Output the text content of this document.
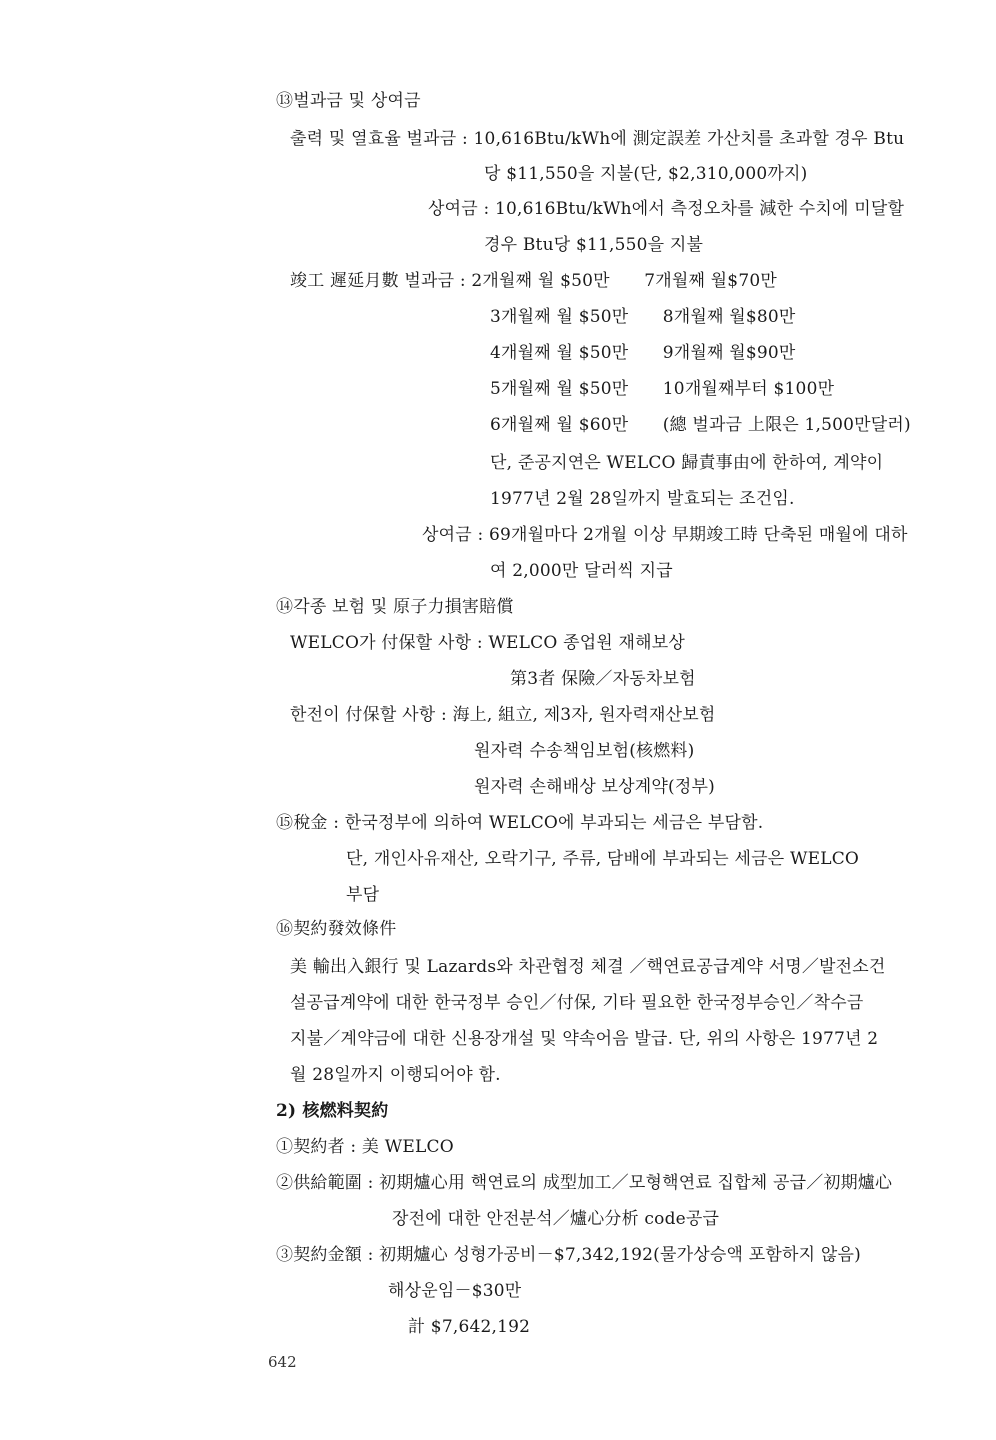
⑬벌과금 및 상여금
출력 및 열효율 벌과금 : 10,616Btu/kWh에 測定誤差 가산치를 초과할 경우 Btu
당 $11,550을 지불(단, $2,310,000까지)
상여금 : 10,616Btu/kWh에서 측정오차를 減한 수치에 미달할
경우 Btu당 $11,550을 지불
竣工 遲延月數 벌과금 : 2개월째 월 $50만　　7개월째 월$70만
3개월째 월 $50만　　8개월째 월$80만
4개월째 월 $50만　　9개월째 월$90만
5개월째 월 $50만　　10개월째부터 $100만
6개월째 월 $60만　　(總 벌과금 上限은 1,500만달러)
단, 준공지연은 WELCO 歸責事由에 한하여, 계약이
1977년 2월 28일까지 발효되는 조건임.
상여금 : 69개월마다 2개월 이상 早期竣工時 단축된 매월에 대하
여 2,000만 달러씩 지급
⑭각종 보험 및 原子力損害賠償
WELCO가 付保할 사항 : WELCO 종업원 재해보상
第3者 保險／자동차보험
한전이 付保할 사항 : 海上, 組立, 제3자, 원자력재산보험
원자력 수송책임보험(核燃料)
원자력 손해배상 보상계약(정부)
⑮稅金 : 한국정부에 의하여 WELCO에 부과되는 세금은 부담함.
단, 개인사유재산, 오락기구, 주류, 담배에 부과되는 세금은 WELCO
부담
⑯契約發效條件
美 輸出入銀行 및 Lazards와 차관협정 체결 ／핵연료공급계약 서명／발전소건
설공급계약에 대한 한국정부 승인／付保, 기타 필요한 한국정부승인／착수금
지불／계약금에 대한 신용장개설 및 약속어음 발급. 단, 위의 사항은 1977년 2
월 28일까지 이행되어야 함.
2) 核燃料契約
①契約者 : 美 WELCO
②供給範圍 : 初期爐心用 핵연료의 成型加工／모형핵연료 집합체 공급／初期爐心
장전에 대한 안전분석／爐心分析 code공급
③契約金額 : 初期爐心 성형가공비－$7,342,192(물가상승액 포함하지 않음)
해상운임－$30만
計 $7,642,192
642
